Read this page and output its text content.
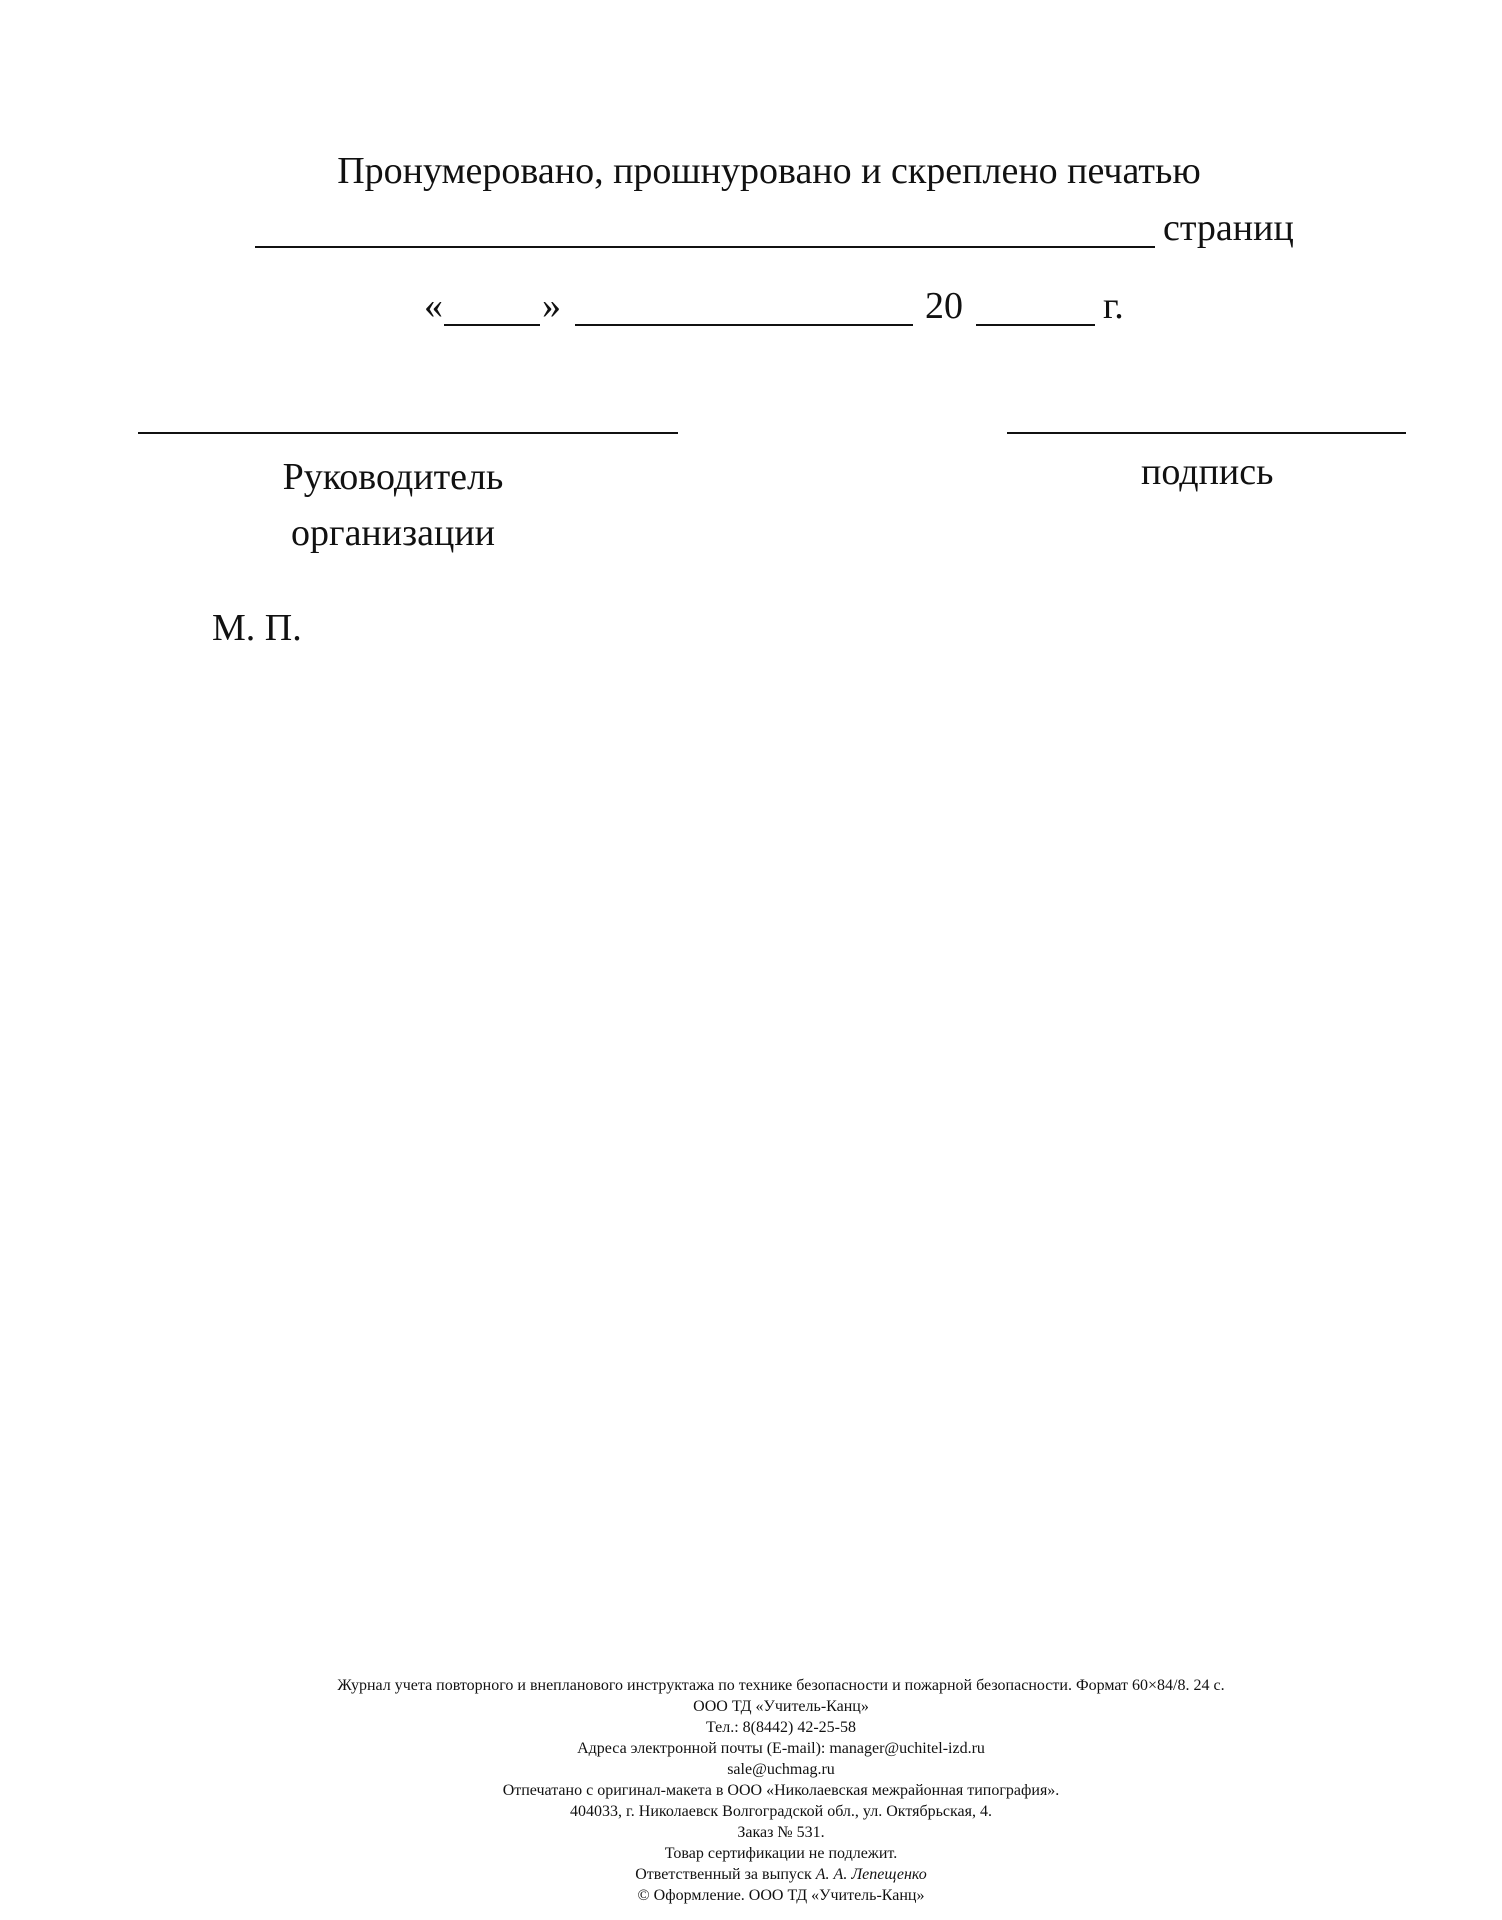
Пронумеровано, прошнуровано и скреплено печатью
страниц
«	»	20	г.
Руководитель организации
подпись
М. П.
Журнал учета повторного и внепланового инструктажа по технике безопасности и пожарной безопасности. Формат 60×84/8. 24 с.
ООО ТД «Учитель-Канц»
Тел.: 8(8442) 42-25-58
Адреса электронной почты (E-mail): manager@uchitel-izd.ru
sale@uchmag.ru
Отпечатано с оригинал-макета в ООО «Николаевская межрайонная типография».
404033, г. Николаевск Волгоградской обл., ул. Октябрьская, 4.
Заказ № 531.
Товар сертификации не подлежит.
Ответственный за выпуск А. А. Лепещенко
© Оформление. ООО ТД «Учитель-Канц»
